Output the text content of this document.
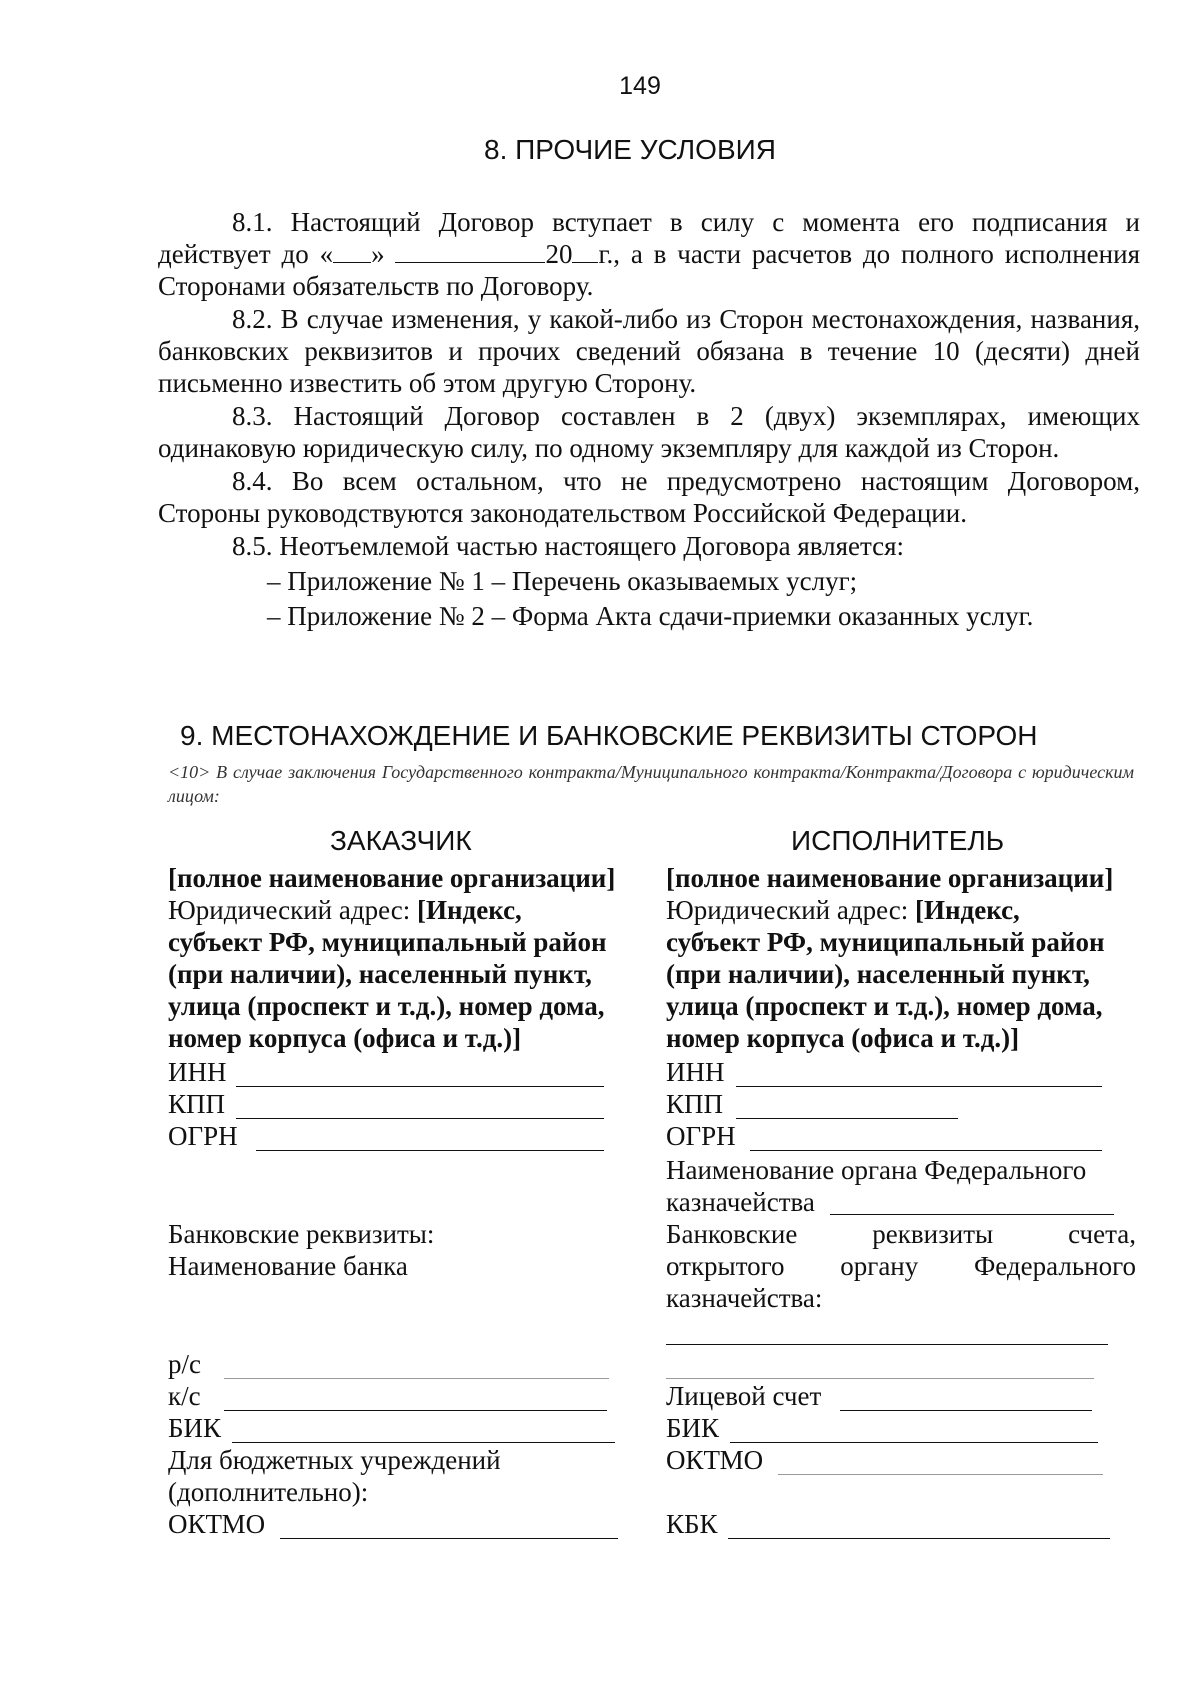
149
8. ПРОЧИЕ УСЛОВИЯ
8.1. Настоящий Договор вступает в силу с момента его подписания и действует до « »	20 г., а в части расчетов до полного исполнения Сторонами обязательств по Договору.
8.2. В случае изменения, у какой-либо из Сторон местонахождения, названия, банковских реквизитов и прочих сведений обязана в течение 10 (десяти) дней письменно известить об этом другую Сторону.
8.3. Настоящий Договор составлен в 2 (двух) экземплярах, имеющих одинаковую юридическую силу, по одному экземпляру для каждой из Сторон.
8.4. Во всем остальном, что не предусмотрено настоящим Договором, Стороны руководствуются законодательством Российской Федерации.
8.5. Неотъемлемой частью настоящего Договора является:
– Приложение № 1 – Перечень оказываемых услуг;
– Приложение № 2 – Форма Акта сдачи-приемки оказанных услуг.
9. МЕСТОНАХОЖДЕНИЕ И БАНКОВСКИЕ РЕКВИЗИТЫ СТОРОН
<10> В случае заключения Государственного контракта/Муниципального контракта/Контракта/Договора с юридическим лицом:
ЗАКАЗЧИК	ИСПОЛНИТЕЛЬ
[полное наименование организации]
Юридический адрес: [Индекс,
субъект РФ, муниципальный район
(при наличии), населенный пункт,
улица (проспект и т.д.), номер дома,
номер корпуса (офиса и т.д.)]
ИНН
КПП
ОГРН
Банковские реквизиты:
Наименование банка
р/с
к/с
БИК
Для бюджетных учреждений
(дополнительно):
ОКТМО
[полное наименование организации]
Юридический адрес: [Индекс,
субъект РФ, муниципальный район
(при наличии), населенный пункт,
улица (проспект и т.д.), номер дома,
номер корпуса (офиса и т.д.)]
ИНН
КПП
ОГРН
Наименование органа Федерального
казначейства
Банковские реквизиты счета,
открытого органу Федерального
казначейства:
Лицевой счет
БИК
ОКТМО
КБК
